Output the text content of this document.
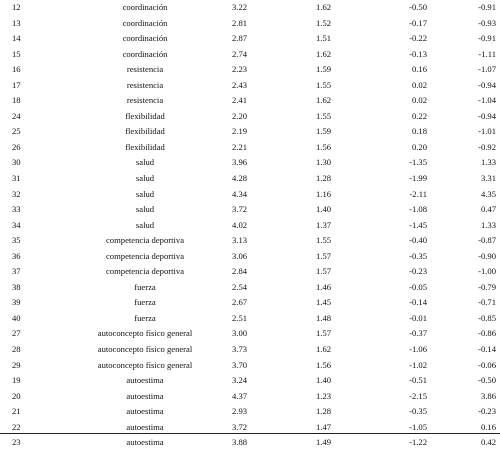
12	coordinación	3.22	1.62	-0.50	-0.91
13	coordinación	2.81	1.52	-0.17	-0.93
14	coordinación	2.87	1.51	-0.22	-0.91
15	coordinación	2.74	1.62	-0.13	-1.11
16	resistencia	2.23	1.59	0.16	-1.07
17	resistencia	2.43	1.55	0.02	-0.94
18	resistencia	2.41	1.62	0.02	-1.04
24	flexibilidad	2.20	1.55	0.22	-0.94
25	flexibilidad	2.19	1.59	0.18	-1.01
26	flexibilidad	2.21	1.56	0.20	-0.92
30	salud	3.96	1.30	-1.35	1.33
31	salud	4.28	1.28	-1.99	3.31
32	salud	4.34	1.16	-2.11	4.35
33	salud	3.72	1.40	-1.08	0.47
34	salud	4.02	1.37	-1.45	1.33
35	competencia deportiva	3.13	1.55	-0.40	-0.87
36	competencia deportiva	3.06	1.57	-0.35	-0.90
37	competencia deportiva	2.84	1.57	-0.23	-1.00
38	fuerza	2.54	1.46	-0.05	-0.79
39	fuerza	2.67	1.45	-0.14	-0.71
40	fuerza	2.51	1.48	-0.01	-0.85
27	autoconcepto físico general	3.00	1.57	-0.37	-0.86
28	autoconcepto físico general	3.73	1.62	-1.06	-0.14
29	autoconcepto físico general	3.70	1.56	-1.02	-0.06
19	autoestima	3.24	1.40	-0.51	-0.50
20	autoestima	4.37	1.23	-2.15	3.86
21	autoestima	2.93	1.28	-0.35	-0.23
22	autoestima	3.72	1.47	-1.05	0.16
23	autoestima	3.88	1.49	-1.22	0.42
